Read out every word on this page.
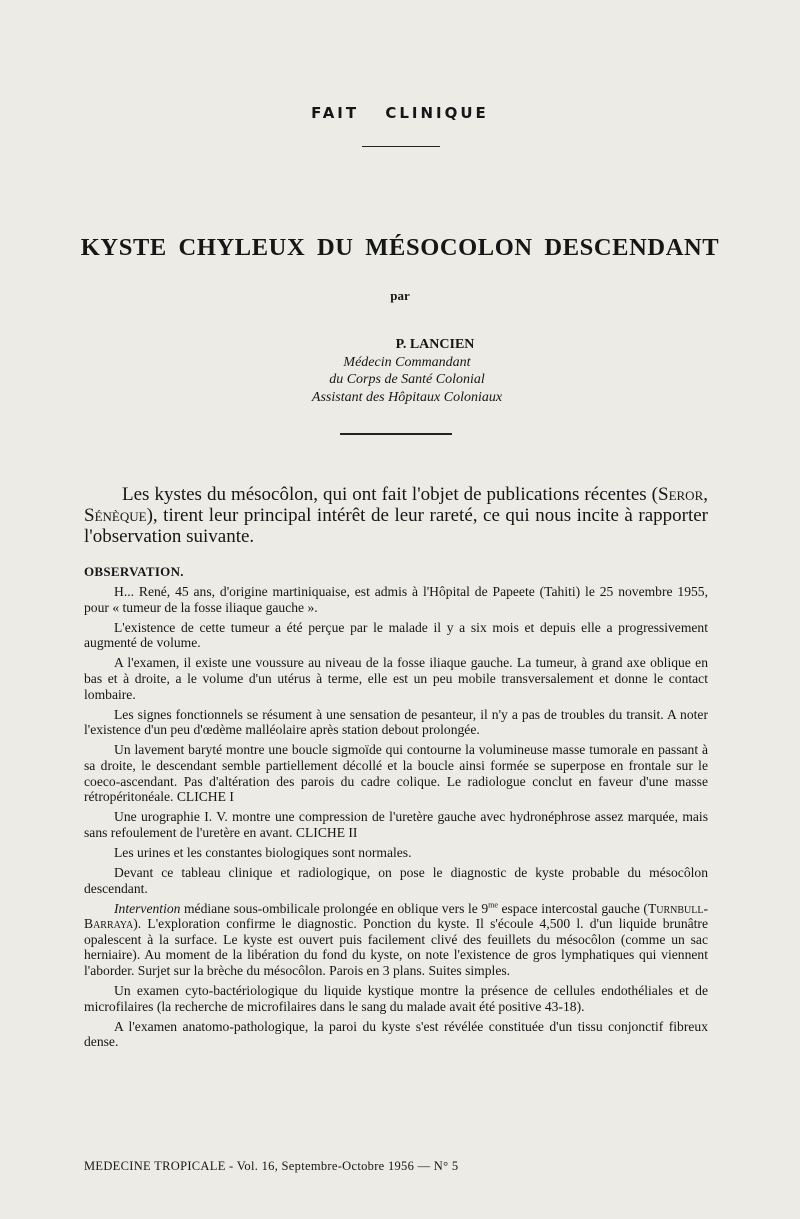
FAIT CLINIQUE
KYSTE CHYLEUX DU MÉSOCOLON DESCENDANT
par
P. LANCIEN
Médecin Commandant
du Corps de Santé Colonial
Assistant des Hôpitaux Coloniaux

Les kystes du mésocôlon, qui ont fait l'objet de publications récentes (Seror, Sénèque), tirent leur principal intérêt de leur rareté, ce qui nous incite à rapporter l'observation suivante.

OBSERVATION.

H... René, 45 ans, d'origine martiniquaise, est admis à l'Hôpital de Papeete (Tahiti) le 25 novembre 1955, pour « tumeur de la fosse iliaque gauche ».

L'existence de cette tumeur a été perçue par le malade il y a six mois et depuis elle a progressivement augmenté de volume.

A l'examen, il existe une voussure au niveau de la fosse iliaque gauche. La tumeur, à grand axe oblique en bas et à droite, a le volume d'un utérus à terme, elle est un peu mobile transversalement et donne le contact lombaire.

Les signes fonctionnels se résument à une sensation de pesanteur, il n'y a pas de troubles du transit. A noter l'existence d'un peu d'œdème malléolaire après station debout prolongée.

Un lavement baryté montre une boucle sigmoïde qui contourne la volumineuse masse tumorale en passant à sa droite, le descendant semble partiellement décollé et la boucle ainsi formée se superpose en frontale sur le coeco-ascendant. Pas d'altération des parois du cadre colique. Le radiologue conclut en faveur d'une masse rétropéritonéale. CLICHE I

Une urographie I. V. montre une compression de l'uretère gauche avec hydronéphrose assez marquée, mais sans refoulement de l'uretère en avant. CLICHE II

Les urines et les constantes biologiques sont normales.

Devant ce tableau clinique et radiologique, on pose le diagnostic de kyste probable du mésocôlon descendant.

Intervention médiane sous-ombilicale prolongée en oblique vers le $9^{me}$ espace intercostal gauche (Turnbull-Barraya). L'exploration confirme le diagnostic. Ponction du kyste. Il s'écoule 4,500 l. d'un liquide brunâtre opalescent à la surface. Le kyste est ouvert puis facilement clivé des feuillets du mésocôlon (comme un sac herniaire). Au moment de la libération du fond du kyste, on note l'existence de gros lymphatiques qui viennent l'aborder. Surjet sur la brèche du mésocôlon. Parois en 3 plans. Suites simples.

Un examen cyto-bactériologique du liquide kystique montre la présence de cellules endothéliales et de microfilaires (la recherche de microfilaires dans le sang du malade avait été positive 43-18).

A l'examen anatomo-pathologique, la paroi du kyste s'est révélée constituée d'un tissu conjonctif fibreux dense.

MEDECINE TROPICALE - Vol. 16, Septembre-Octobre 1956 — N° 5
